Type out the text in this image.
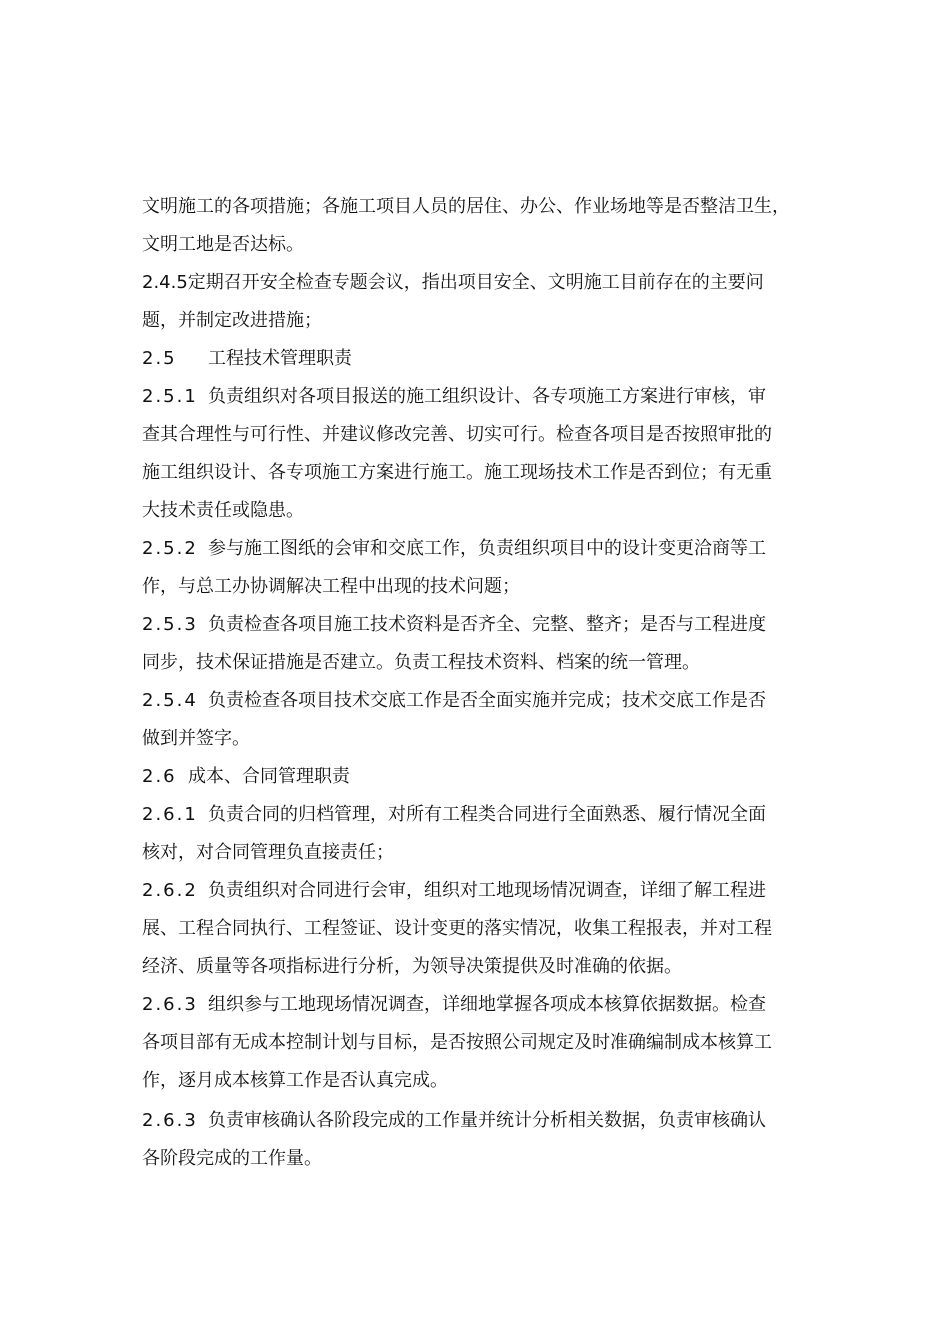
文明施工的各项措施；各施工项目人员的居住、办公、作业场地等是否整洁卫生，
文明工地是否达标。
2.4.5定期召开安全检查专题会议，指出项目安全、文明施工目前存在的主要问
题，并制定改进措施；
2.5 工程技术管理职责
2.5.1 负责组织对各项目报送的施工组织设计、各专项施工方案进行审核，审
查其合理性与可行性、并建议修改完善、切实可行。检查各项目是否按照审批的
施工组织设计、各专项施工方案进行施工。施工现场技术工作是否到位；有无重
大技术责任或隐患。
2.5.2 参与施工图纸的会审和交底工作，负责组织项目中的设计变更洽商等工
作，与总工办协调解决工程中出现的技术问题；
2.5.3 负责检查各项目施工技术资料是否齐全、完整、整齐；是否与工程进度
同步，技术保证措施是否建立。负责工程技术资料、档案的统一管理。
2.5.4 负责检查各项目技术交底工作是否全面实施并完成；技术交底工作是否
做到并签字。
2.6 成本、合同管理职责
2.6.1 负责合同的归档管理，对所有工程类合同进行全面熟悉、履行情况全面
核对，对合同管理负直接责任；
2.6.2 负责组织对合同进行会审，组织对工地现场情况调查，详细了解工程进
展、工程合同执行、工程签证、设计变更的落实情况，收集工程报表，并对工程
经济、质量等各项指标进行分析，为领导决策提供及时准确的依据。
2.6.3 组织参与工地现场情况调查，详细地掌握各项成本核算依据数据。检查
各项目部有无成本控制计划与目标，是否按照公司规定及时准确编制成本核算工
作，逐月成本核算工作是否认真完成。
2.6.3 负责审核确认各阶段完成的工作量并统计分析相关数据，负责审核确认
各阶段完成的工作量。
